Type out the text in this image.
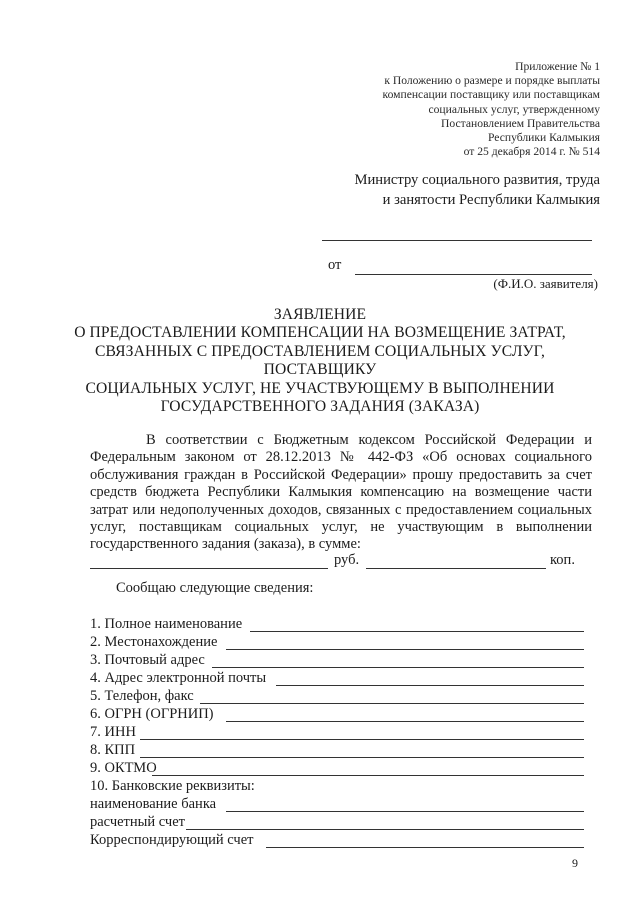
Приложение № 1
к Положению о размере и порядке выплаты
компенсации поставщику или поставщикам
социальных услуг, утвержденному
Постановлением Правительства
Республики Калмыкия
от 25 декабря 2014 г. № 514
Министру социального развития, труда
и занятости Республики Калмыкия
от
(Ф.И.О. заявителя)
ЗАЯВЛЕНИЕ
О ПРЕДОСТАВЛЕНИИ КОМПЕНСАЦИИ НА ВОЗМЕЩЕНИЕ ЗАТРАТ,
СВЯЗАННЫХ С ПРЕДОСТАВЛЕНИЕМ СОЦИАЛЬНЫХ УСЛУГ,
ПОСТАВЩИКУ
СОЦИАЛЬНЫХ УСЛУГ, НЕ УЧАСТВУЮЩЕМУ В ВЫПОЛНЕНИИ
ГОСУДАРСТВЕННОГО ЗАДАНИЯ (ЗАКАЗА)
В соответствии с Бюджетным кодексом Российской Федерации и Федеральным законом от 28.12.2013 № 442-ФЗ «Об основах социального обслуживания граждан в Российской Федерации» прошу предоставить за счет средств бюджета Республики Калмыкия компенсацию на возмещение части затрат или недополученных доходов, связанных с предоставлением социальных услуг, поставщикам социальных услуг, не участвующим в выполнении государственного задания (заказа), в сумме:
руб.	коп.
Сообщаю следующие сведения:
1. Полное наименование
2. Местонахождение
3. Почтовый адрес
4. Адрес электронной почты
5. Телефон, факс
6. ОГРН (ОГРНИП)
7. ИНН
8. КПП
9. ОКТМО
10. Банковские реквизиты:
наименование банка
расчетный счет
Корреспондирующий счет
9
